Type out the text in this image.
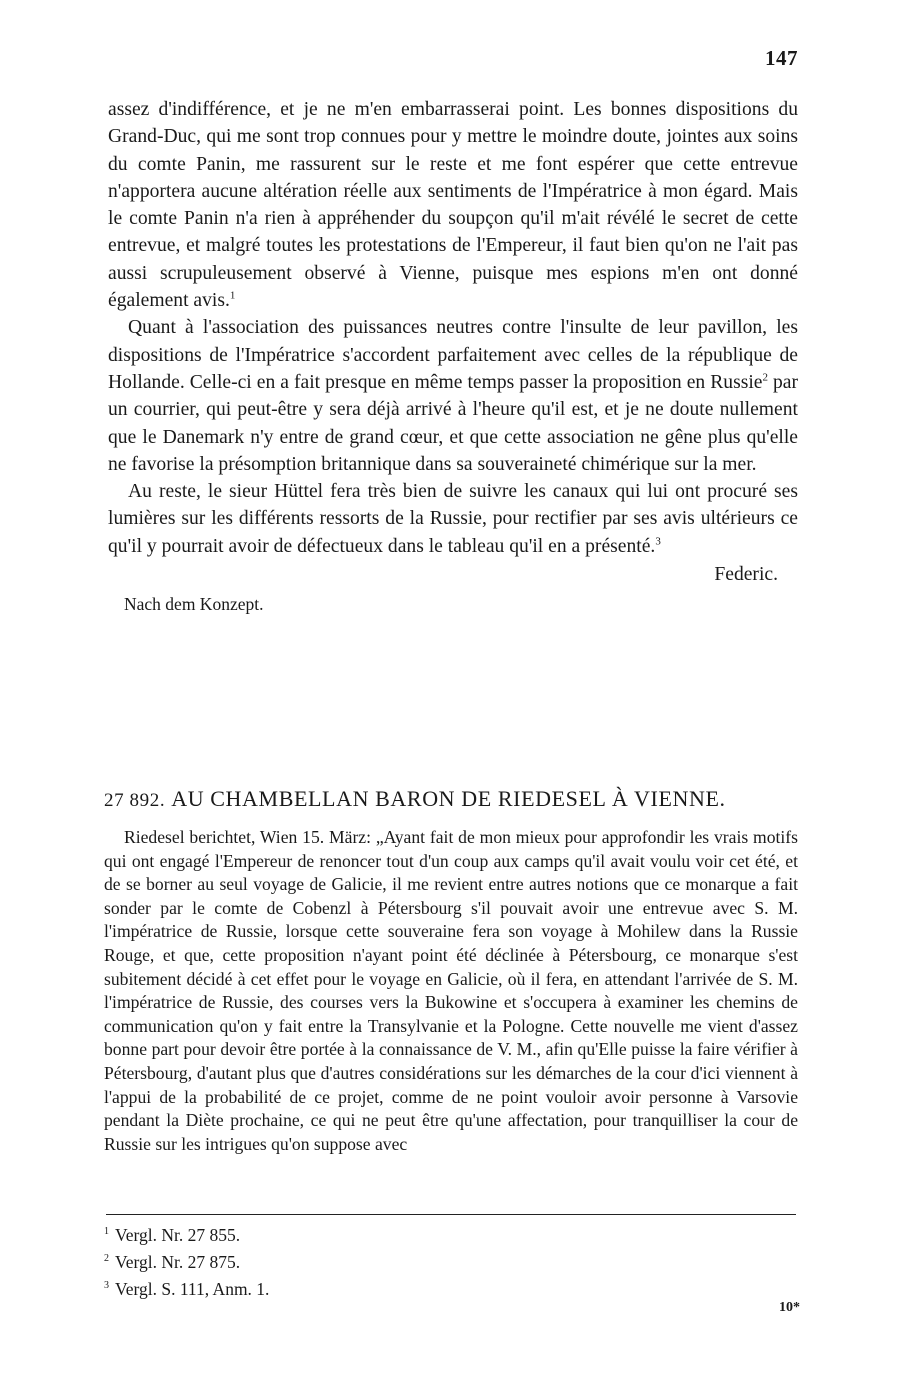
147

assez d'indifférence, et je ne m'en embarrasserai point. Les bonnes dispositions du Grand-Duc, qui me sont trop connues pour y mettre le moindre doute, jointes aux soins du comte Panin, me rassurent sur le reste et me font espérer que cette entrevue n'apportera aucune altération réelle aux sentiments de l'Impératrice à mon égard. Mais le comte Panin n'a rien à appréhender du soupçon qu'il m'ait révélé le secret de cette entrevue, et malgré toutes les protestations de l'Empereur, il faut bien qu'on ne l'ait pas aussi scrupuleusement observé à Vienne, puisque mes espions m'en ont donné également avis.$^1$

Quant à l'association des puissances neutres contre l'insulte de leur pavillon, les dispositions de l'Impératrice s'accordent parfaitement avec celles de la république de Hollande. Celle-ci en a fait presque en même temps passer la proposition en Russie$^2$ par un courrier, qui peut-être y sera déjà arrivé à l'heure qu'il est, et je ne doute nullement que le Danemark n'y entre de grand cœur, et que cette association ne gêne plus qu'elle ne favorise la présomption britannique dans sa souveraineté chimérique sur la mer.

Au reste, le sieur Hüttel fera très bien de suivre les canaux qui lui ont procuré ses lumières sur les différents ressorts de la Russie, pour rectifier par ses avis ultérieurs ce qu'il y pourrait avoir de défectueux dans le tableau qu'il en a présenté.$^3$

Federic.
Nach dem Konzept.
27 892. AU CHAMBELLAN BARON DE RIEDESEL À VIENNE.

Riedesel berichtet, Wien 15. März: „Ayant fait de mon mieux pour approfondir les vrais motifs qui ont engagé l'Empereur de renoncer tout d'un coup aux camps qu'il avait voulu voir cet été, et de se borner au seul voyage de Galicie, il me revient entre autres notions que ce monarque a fait sonder par le comte de Cobenzl à Pétersbourg s'il pouvait avoir une entrevue avec S. M. l'impératrice de Russie, lorsque cette souveraine fera son voyage à Mohilew dans la Russie Rouge, et que, cette proposition n'ayant point été déclinée à Pétersbourg, ce monarque s'est subitement décidé à cet effet pour le voyage en Galicie, où il fera, en attendant l'arrivée de S. M. l'impératrice de Russie, des courses vers la Bukowine et s'occupera à examiner les chemins de communication qu'on y fait entre la Transylvanie et la Pologne. Cette nouvelle me vient d'assez bonne part pour devoir être portée à la connaissance de V. M., afin qu'Elle puisse la faire vérifier à Pétersbourg, d'autant plus que d'autres considérations sur les démarches de la cour d'ici viennent à l'appui de la probabilité de ce projet, comme de ne point vouloir avoir personne à Varsovie pendant la Diète prochaine, ce qui ne peut être qu'une affectation, pour tranquilliser la cour de Russie sur les intrigues qu'on suppose avec

$^1$ Vergl. Nr. 27 855.
$^2$ Vergl. Nr. 27 875.
$^3$ Vergl. S. 111, Anm. 1.
10*
